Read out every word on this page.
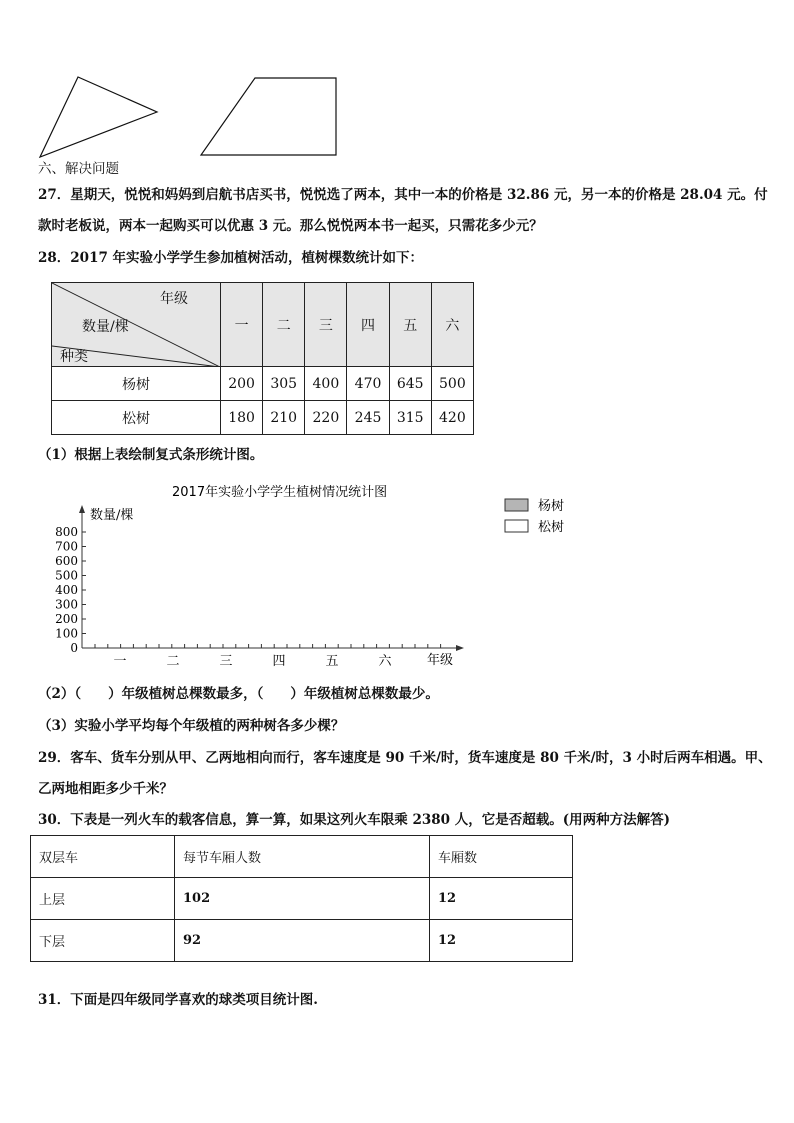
六、解决问题
27．星期天，悦悦和妈妈到启航书店买书，悦悦选了两本，其中一本的价格是 32.86 元，另一本的价格是 28.04 元。付
款时老板说，两本一起购买可以优惠 3 元。那么悦悦两本书一起买，只需花多少元？
28．2017 年实验小学学生参加植树活动，植树棵数统计如下：
年级
数量/棵
种类	一	二	三	四	五	六
杨树	200	305	400	470	645	500
松树	180	210	220	245	315	420
（1）根据上表绘制复式条形统计图。
2017年实验小学学生植树情况统计图
数量/棵
0
100
200
300
400
500
600
700
800
一	二	三	四	五	六	年级
杨树
松树
（2）（　　）年级植树总棵数最多，（　　）年级植树总棵数最少。
（3）实验小学平均每个年级植的两种树各多少棵？
29．客车、货车分别从甲、乙两地相向而行，客车速度是 90 千米/时，货车速度是 80 千米/时，3 小时后两车相遇。甲、
乙两地相距多少千米？
30．下表是一列火车的载客信息，算一算，如果这列火车限乘 2380 人，它是否超载。(用两种方法解答)
双层车	每节车厢人数	车厢数
上层	102	12
下层	92	12
31．下面是四年级同学喜欢的球类项目统计图.
